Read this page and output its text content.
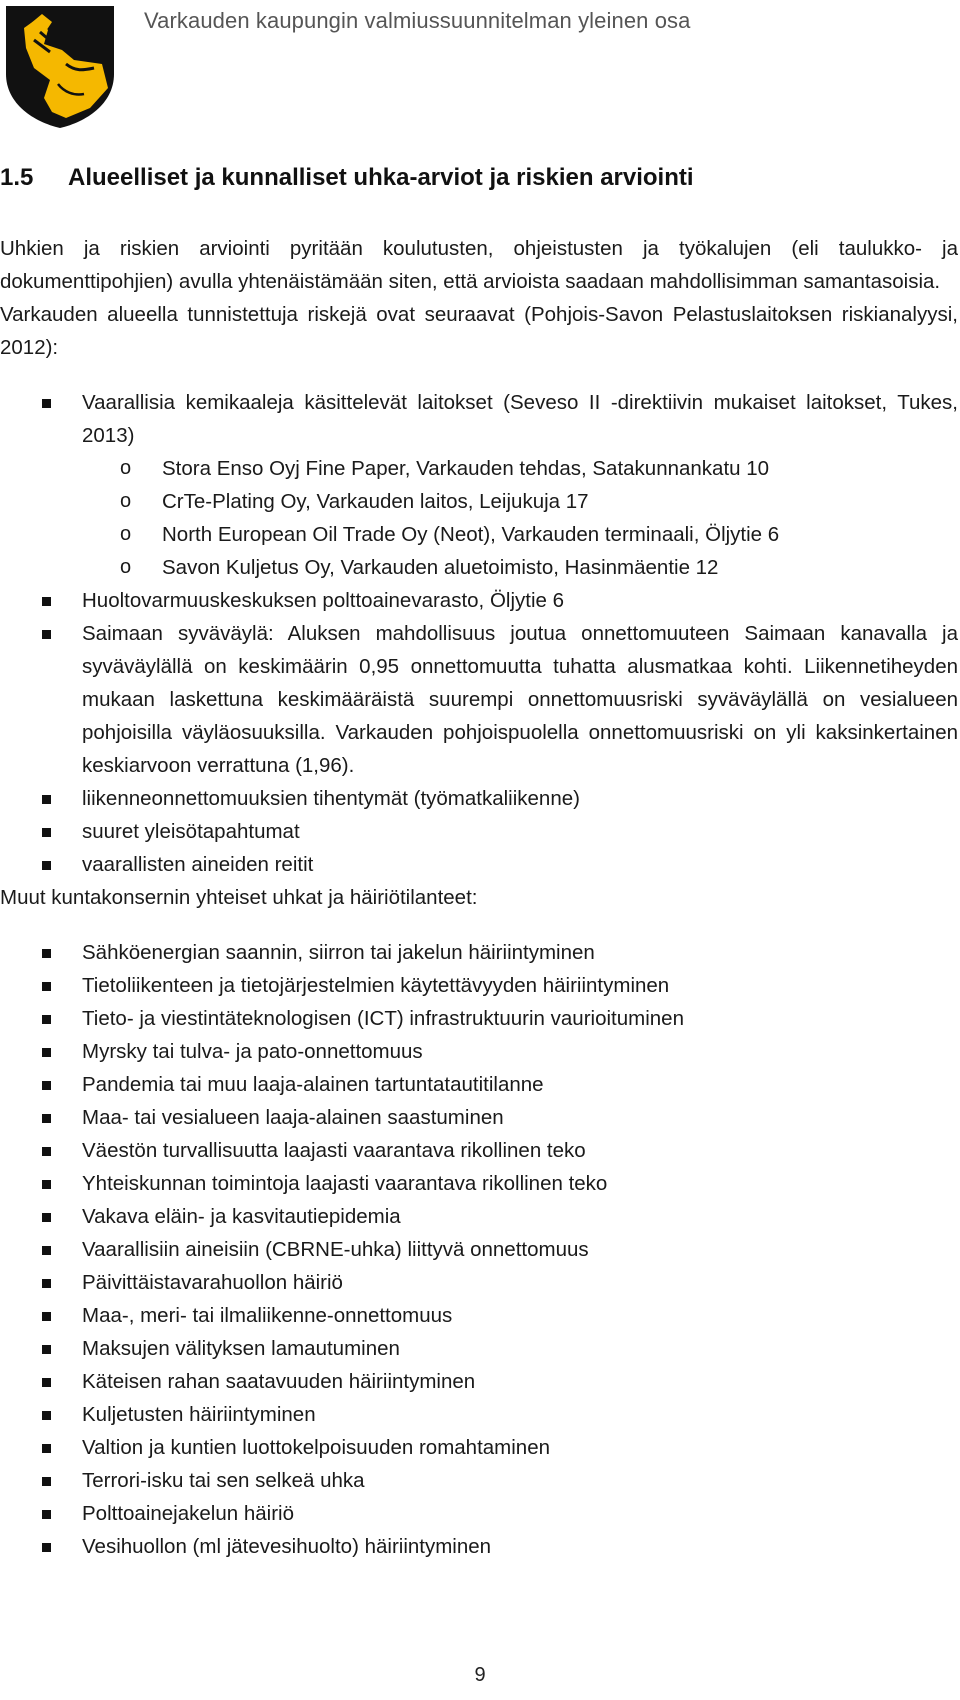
Varkauden kaupungin valmiussuunnitelman yleinen osa
1.5 Alueelliset ja kunnalliset uhka-arviot ja riskien arviointi

Uhkien ja riskien arviointi pyritään koulutusten, ohjeistusten ja työkalujen (eli taulukko- ja dokumenttipohjien) avulla yhtenäistämään siten, että arvioista saadaan mahdollisimman samantasoisia.

Varkauden alueella tunnistettuja riskejä ovat seuraavat (Pohjois-Savon Pelastuslaitoksen riskianalyysi, 2012):

Vaarallisia kemikaaleja käsittelevät laitokset (Seveso II -direktiivin mukaiset laitokset, Tukes, 2013)
o Stora Enso Oyj Fine Paper, Varkauden tehdas, Satakunnankatu 10
o CrTe-Plating Oy, Varkauden laitos, Leijukuja 17
o North European Oil Trade Oy (Neot), Varkauden terminaali, Öljytie 6
o Savon Kuljetus Oy, Varkauden aluetoimisto, Hasinmäentie 12
Huoltovarmuuskeskuksen polttoainevarasto, Öljytie 6
Saimaan syväväylä: Aluksen mahdollisuus joutua onnettomuuteen Saimaan kanavalla ja syväväylällä on keskimäärin 0,95 onnettomuutta tuhatta alusmatkaa kohti. Liikennetiheyden mukaan laskettuna keskimääräistä suurempi onnettomuusriski syväväylällä on vesialueen pohjoisilla väyläosuuksilla. Varkauden pohjoispuolella onnettomuusriski on yli kaksinkertainen keskiarvoon verrattuna (1,96).
liikenneonnettomuuksien tihentymät (työmatkaliikenne)
suuret yleisötapahtumat
vaarallisten aineiden reitit

Muut kuntakonsernin yhteiset uhkat ja häiriötilanteet:

Sähköenergian saannin, siirron tai jakelun häiriintyminen
Tietoliikenteen ja tietojärjestelmien käytettävyyden häiriintyminen
Tieto- ja viestintäteknologisen (ICT) infrastruktuurin vaurioituminen
Myrsky tai tulva- ja pato-onnettomuus
Pandemia tai muu laaja-alainen tartuntatautitilanne
Maa- tai vesialueen laaja-alainen saastuminen
Väestön turvallisuutta laajasti vaarantava rikollinen teko
Yhteiskunnan toimintoja laajasti vaarantava rikollinen teko
Vakava eläin- ja kasvitautiepidemia
Vaarallisiin aineisiin (CBRNE-uhka) liittyvä onnettomuus
Päivittäistavarahuollon häiriö
Maa-, meri- tai ilmaliikenne-onnettomuus
Maksujen välityksen lamautuminen
Käteisen rahan saatavuuden häiriintyminen
Kuljetusten häiriintyminen
Valtion ja kuntien luottokelpoisuuden romahtaminen
Terrori-isku tai sen selkeä uhka
Polttoainejakelun häiriö
Vesihuollon (ml jätevesihuolto) häiriintyminen
9
